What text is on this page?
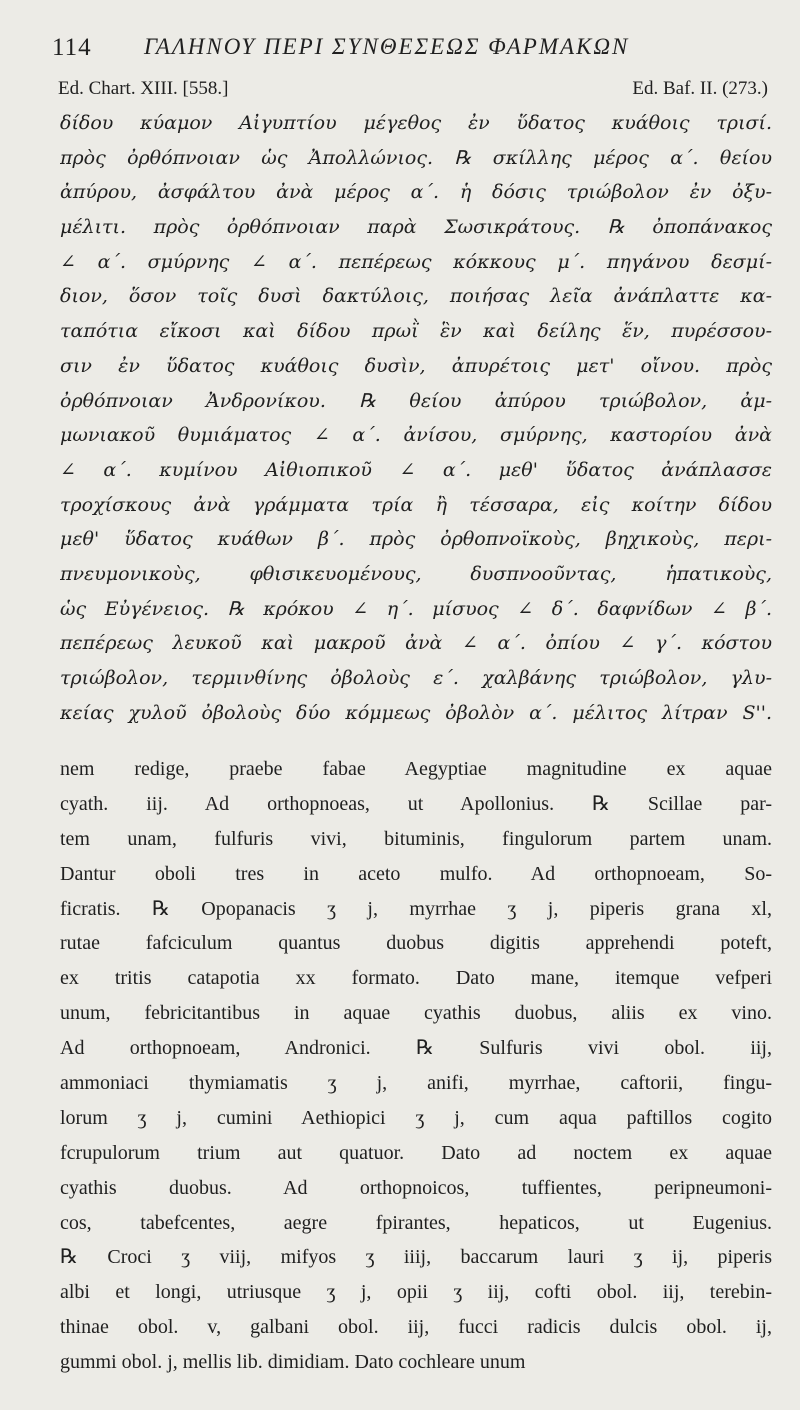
114 ΓΑΛΗΝΟΥ ΠΕΡΙ ΣΥΝΘΕΣΕΩΣ ΦΑΡΜΑΚΩΝ
Ed. Chart. XIII. [558.]	Ed. Baf. II. (273.)
δίδου κύαμον Αἰγυπτίου μέγεθος ἐν ὕδατος κυάθοις τρισί.
πρὸς ὀρθόπνοιαν ὡς Ἀπολλώνιος. ℞ σκίλλης μέρος α΄. θείου
ἀπύρου, ἀσφάλτου ἀνὰ μέρος α΄. ἡ δόσις τριώβολον ἐν ὀξυ-
μέλιτι. πρὸς ὀρθόπνοιαν παρὰ Σωσικράτους. ℞ ὀποπάνακος
∠ α΄. σμύρνης ∠ α΄. πεπέρεως κόκκους μ΄. πηγάνου δεσμί-
διον, ὅσον τοῖς δυσὶ δακτύλοις, ποιήσας λεῖα ἀνάπλαττε κα-
ταπότια εἴκοσι καὶ δίδου πρωῒ ἓν καὶ δείλης ἕν, πυρέσσου-
σιν ἐν ὕδατος κυάθοις δυσὶν, ἀπυρέτοις μετ' οἴνου. πρὸς
ὀρθόπνοιαν Ἀνδρονίκου. ℞ θείου ἀπύρου τριώβολον, ἀμ-
μωνιακοῦ θυμιάματος ∠ α΄. ἀνίσου, σμύρνης, καστορίου ἀνὰ
∠ α΄. κυμίνου Αἰθιοπικοῦ ∠ α΄. μεθ' ὕδατος ἀνάπλασσε
τροχίσκους ἀνὰ γράμματα τρία ἢ τέσσαρα, εἰς κοίτην δίδου
μεθ' ὕδατος κυάθων β΄. πρὸς ὀρθοπνοϊκοὺς, βηχικοὺς, περι-
πνευμονικοὺς, φθισικευομένους, δυσπνοοῦντας, ἡπατικοὺς,
ὡς Εὐγένειος. ℞ κρόκου ∠ η΄. μίσυος ∠ δ΄. δαφνίδων ∠ β΄.
πεπέρεως λευκοῦ καὶ μακροῦ ἀνὰ ∠ α΄. ὀπίου ∠ γ΄. κόστου
τριώβολον, τερμινθίνης ὀβολοὺς ε΄. χαλβάνης τριώβολον, γλυ-
κείας χυλοῦ ὀβολοὺς δύο κόμμεως ὀβολὸν α΄. μέλιτος λίτραν S''.
nem redige, praebe fabae Aegyptiae magnitudine ex aquae
cyath. iij. Ad orthopnoeas, ut Apollonius. ℞ Scillae par-
tem unam, fulfuris vivi, bituminis, fingulorum partem unam.
Dantur oboli tres in aceto mulfo. Ad orthopnoeam, So-
ficratis. ℞ Opopanacis ʒ j, myrrhae ʒ j, piperis grana xl,
rutae fafciculum quantus duobus digitis apprehendi poteft,
ex tritis catapotia xx formato. Dato mane, itemque vefperi
unum, febricitantibus in aquae cyathis duobus, aliis ex vino.
Ad orthopnoeam, Andronici. ℞ Sulfuris vivi obol. iij,
ammoniaci thymiamatis ʒ j, anifi, myrrhae, caftorii, fingu-
lorum ʒ j, cumini Aethiopici ʒ j, cum aqua paftillos cogito
fcrupulorum trium aut quatuor. Dato ad noctem ex aquae
cyathis duobus. Ad orthopnoicos, tuffientes, peripneumoni-
cos, tabefcentes, aegre fpirantes, hepaticos, ut Eugenius.
℞ Croci ʒ viij, mifyos ʒ iiij, baccarum lauri ʒ ij, piperis
albi et longi, utriusque ʒ j, opii ʒ iij, cofti obol. iij, terebin-
thinae obol. v, galbani obol. iij, fucci radicis dulcis obol. ij,
gummi obol. j, mellis lib. dimidiam. Dato cochleare unum
